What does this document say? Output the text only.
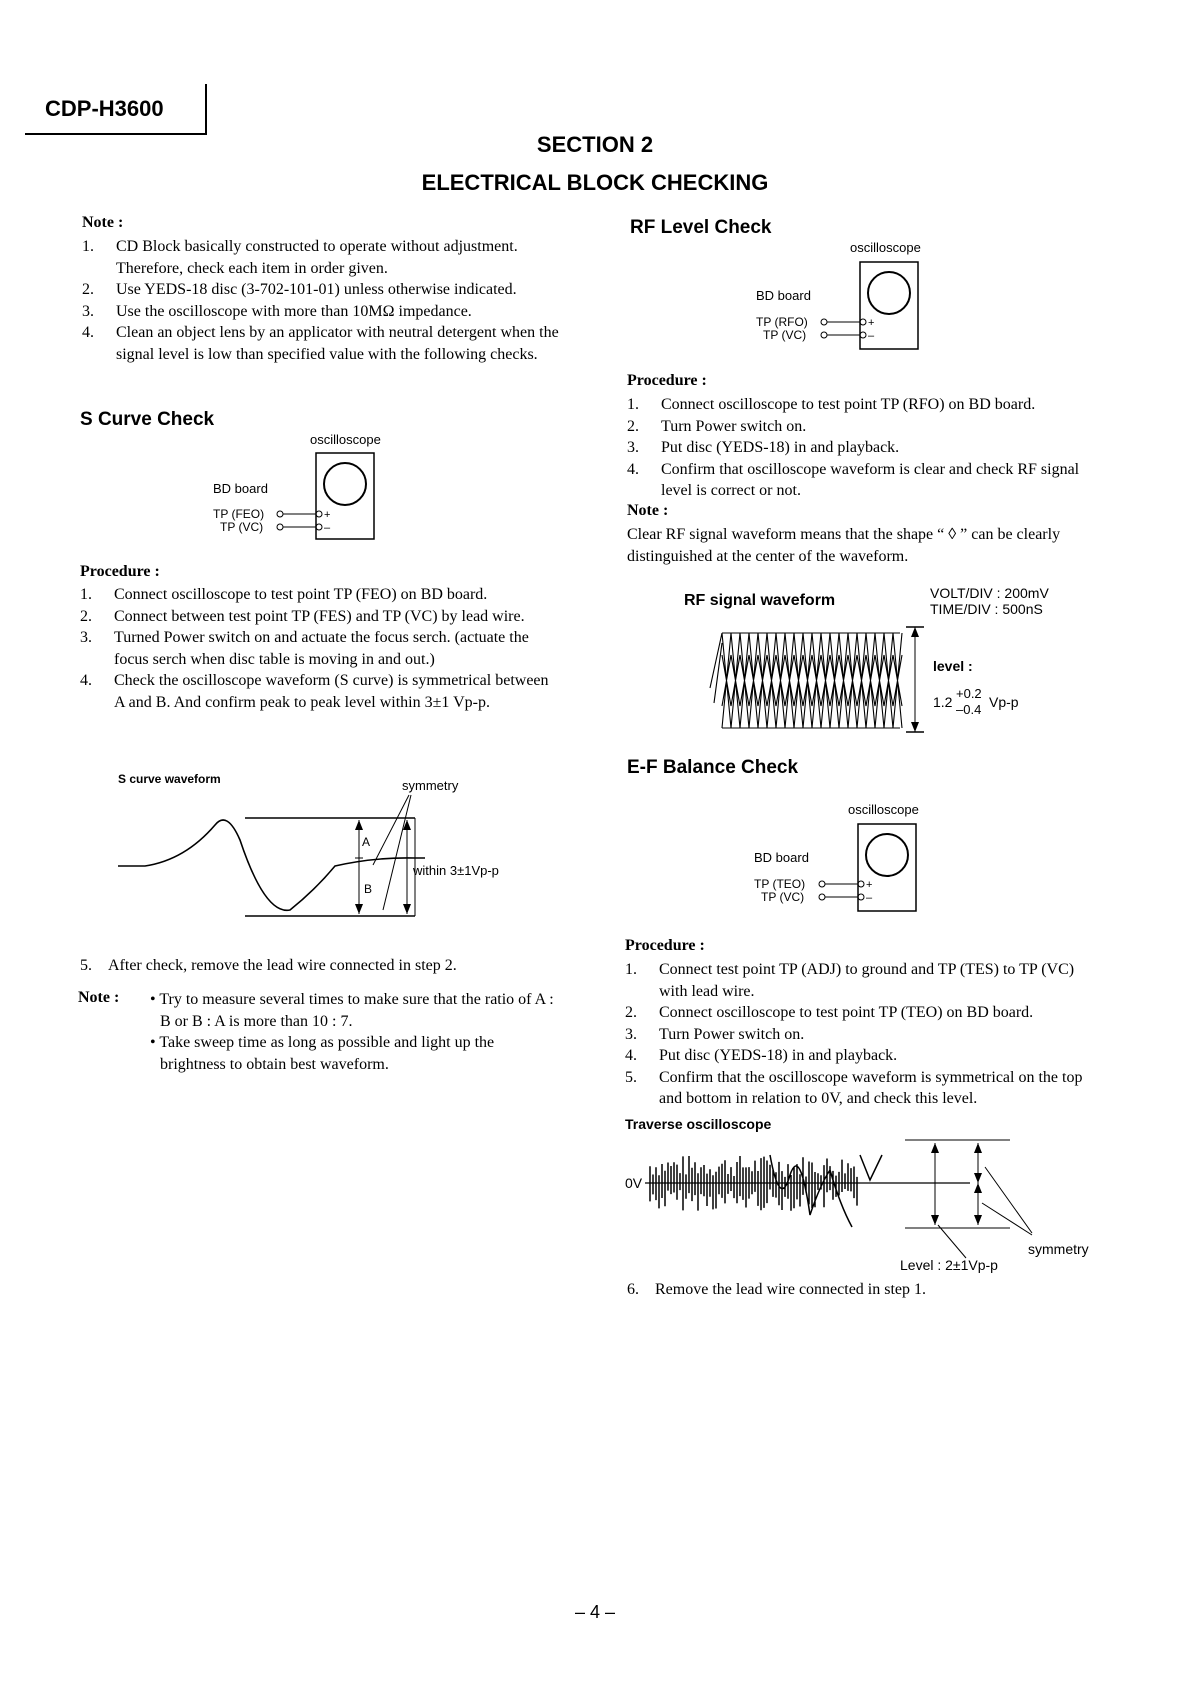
CDP-H3600
SECTION 2
ELECTRICAL BLOCK CHECKING
Note :
1. CD Block basically constructed to operate without adjustment. Therefore, check each item in order given.
2. Use YEDS-18 disc (3-702-101-01) unless otherwise indicated.
3. Use the oscilloscope with more than 10MΩ impedance.
4. Clean an object lens by an applicator with neutral detergent when the signal level is low than specified value with the following checks.
S Curve Check
oscilloscope
BD board
TP (FEO)
TP (VC)
+
–
Procedure :
1. Connect oscilloscope to test point TP (FEO) on BD board.
2. Connect between test point TP (FES) and TP (VC) by lead wire.
3. Turned Power switch on and actuate the focus serch. (actuate the focus serch when disc table is moving in and out.)
4. Check the oscilloscope waveform (S curve) is symmetrical between A and B. And confirm peak to peak level within 3±1 Vp-p.
S curve waveform	symmetry
A
B
within 3±1Vp-p
5. After check, remove the lead wire connected in step 2.
Note : • Try to measure several times to make sure that the ratio of A : B or B : A is more than 10 : 7.
• Take sweep time as long as possible and light up the brightness to obtain best waveform.
RF Level Check
oscilloscope
BD board
TP (RFO)
TP (VC)
+
–
Procedure :
1. Connect oscilloscope to test point TP (RFO) on BD board.
2. Turn Power switch on.
3. Put disc (YEDS-18) in and playback.
4. Confirm that oscilloscope waveform is clear and check RF signal level is correct or not.
Note :
Clear RF signal waveform means that the shape “ ◊ ” can be clearly distinguished at the center of the waveform.
RF signal waveform	VOLT/DIV : 200mV
TIME/DIV : 500nS
level :
1.2
+0.2
–0.4 Vp-p
E-F Balance Check
oscilloscope
BD board
TP (TEO)
TP (VC)
+
–
Procedure :
1. Connect test point TP (ADJ) to ground and TP (TES) to TP (VC) with lead wire.
2. Connect oscilloscope to test point TP (TEO) on BD board.
3. Turn Power switch on.
4. Put disc (YEDS-18) in and playback.
5. Confirm that the oscilloscope waveform is symmetrical on the top and bottom in relation to 0V, and check this level.
Traverse oscilloscope
0V
symmetry
Level : 2±1Vp-p
6. Remove the lead wire connected in step 1.
– 4 –
